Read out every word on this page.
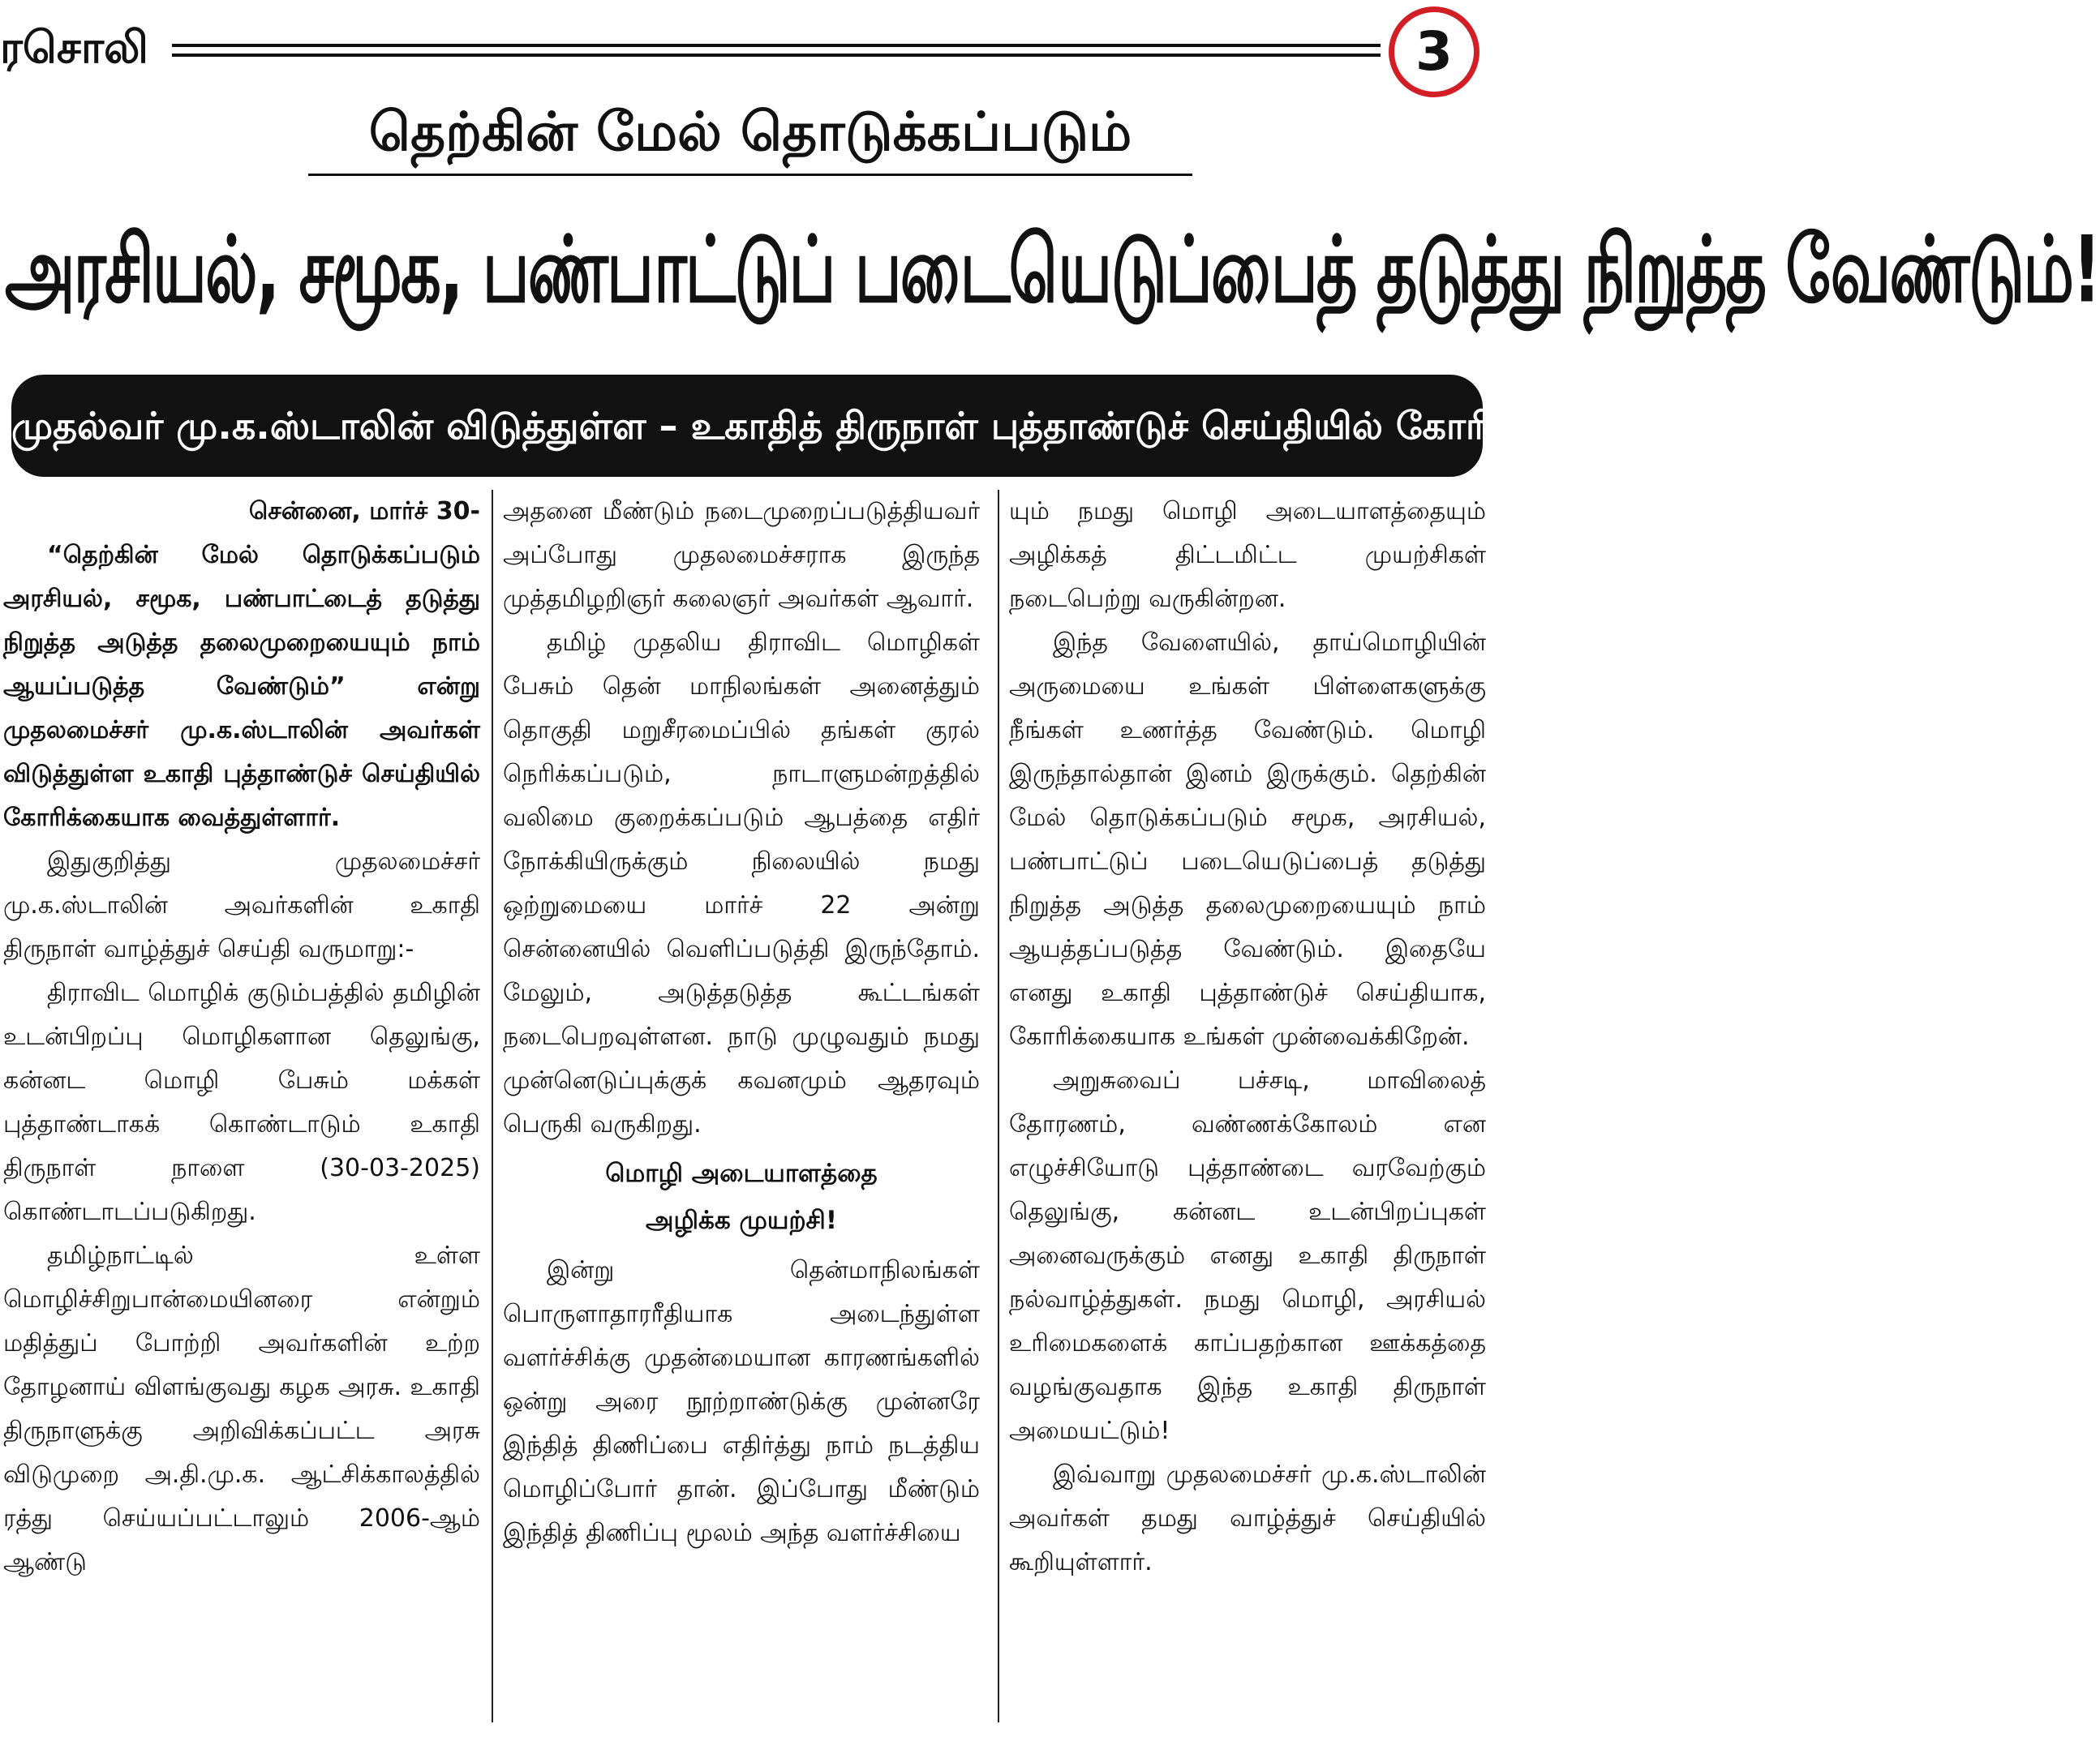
ரசொலி	3
தெற்கின் மேல் தொடுக்கப்படும்
அரசியல், சமூக, பண்பாட்டுப் படையெடுப்பைத் தடுத்து நிறுத்த வேண்டும்!
முதல்வர் மு.க.ஸ்டாலின் விடுத்துள்ள – உகாதித் திருநாள் புத்தாண்டுச் செய்தியில் கோரிக்கை!

சென்னை, மார்ச் 30-

“தெற்கின் மேல் தொடுக்கப்படும் அரசியல், சமூக, பண்பாட்டைத் தடுத்து நிறுத்த அடுத்த தலைமுறையையும் நாம் ஆயப்படுத்த வேண்டும்” என்று முதலமைச்சர் மு.க.ஸ்டாலின் அவர்கள் விடுத்துள்ள உகாதி புத்தாண்டுச் செய்தியில் கோரிக்கையாக வைத்துள்ளார்.

இதுகுறித்து முதலமைச்சர் மு.க.ஸ்டாலின் அவர்களின் உகாதி திருநாள் வாழ்த்துச் செய்தி வருமாறு:-

திராவிட மொழிக் குடும்பத்தில் தமிழின் உடன்பிறப்பு மொழிகளான தெலுங்கு, கன்னட மொழி பேசும் மக்கள் புத்தாண்டாகக் கொண்டாடும் உகாதி திருநாள் நாளை (30-03-2025) கொண்டாடப்படுகிறது.

தமிழ்நாட்டில் உள்ள மொழிச்சிறுபான்மையினரை என்றும் மதித்துப் போற்றி அவர்களின் உற்ற தோழனாய் விளங்குவது கழக அரசு. உகாதி திருநாளுக்கு அறிவிக்கப்பட்ட அரசு விடுமுறை அ.தி.மு.க. ஆட்சிக்காலத்தில் ரத்து செய்யப்பட்டாலும் 2006-ஆம் ஆண்டு

அதனை மீண்டும் நடைமுறைப்படுத்தியவர் அப்போது முதலமைச்சராக இருந்த முத்தமிழறிஞர் கலைஞர் அவர்கள் ஆவார்.

தமிழ் முதலிய திராவிட மொழிகள் பேசும் தென் மாநிலங்கள் அனைத்தும் தொகுதி மறுசீரமைப்பில் தங்கள் குரல் நெரிக்கப்படும், நாடாளுமன்றத்தில் வலிமை குறைக்கப்படும் ஆபத்தை எதிர் நோக்கியிருக்கும் நிலையில் நமது ஒற்றுமையை மார்ச் 22 அன்று சென்னையில் வெளிப்படுத்தி இருந்தோம். மேலும், அடுத்தடுத்த கூட்டங்கள் நடைபெறவுள்ளன. நாடு முழுவதும் நமது முன்னெடுப்புக்குக் கவனமும் ஆதரவும் பெருகி வருகிறது.

மொழி அடையாளத்தை
அழிக்க முயற்சி!

இன்று தென்மாநிலங்கள் பொருளாதாரரீதியாக அடைந்துள்ள வளர்ச்சிக்கு முதன்மையான காரணங்களில் ஒன்று அரை நூற்றாண்டுக்கு முன்னரே இந்தித் திணிப்பை எதிர்த்து நாம் நடத்திய மொழிப்போர் தான். இப்போது மீண்டும் இந்தித் திணிப்பு மூலம் அந்த வளர்ச்சியை

யும் நமது மொழி அடையாளத்தையும் அழிக்கத் திட்டமிட்ட முயற்சிகள் நடைபெற்று வருகின்றன.

இந்த வேளையில், தாய்மொழியின் அருமையை உங்கள் பிள்ளைகளுக்கு நீங்கள் உணர்த்த வேண்டும். மொழி இருந்தால்தான் இனம் இருக்கும். தெற்கின் மேல் தொடுக்கப்படும் சமூக, அரசியல், பண்பாட்டுப் படையெடுப்பைத் தடுத்து நிறுத்த அடுத்த தலைமுறையையும் நாம் ஆயத்தப்படுத்த வேண்டும். இதையே எனது உகாதி புத்தாண்டுச் செய்தியாக, கோரிக்கையாக உங்கள் முன்வைக்கிறேன்.

அறுசுவைப் பச்சடி, மாவிலைத் தோரணம், வண்ணக்கோலம் என எழுச்சியோடு புத்தாண்டை வரவேற்கும் தெலுங்கு, கன்னட உடன்பிறப்புகள் அனைவருக்கும் எனது உகாதி திருநாள் நல்வாழ்த்துகள். நமது மொழி, அரசியல் உரிமைகளைக் காப்பதற்கான ஊக்கத்தை வழங்குவதாக இந்த உகாதி திருநாள் அமையட்டும்!

இவ்வாறு முதலமைச்சர் மு.க.ஸ்டாலின் அவர்கள் தமது வாழ்த்துச் செய்தியில் கூறியுள்ளார்.
